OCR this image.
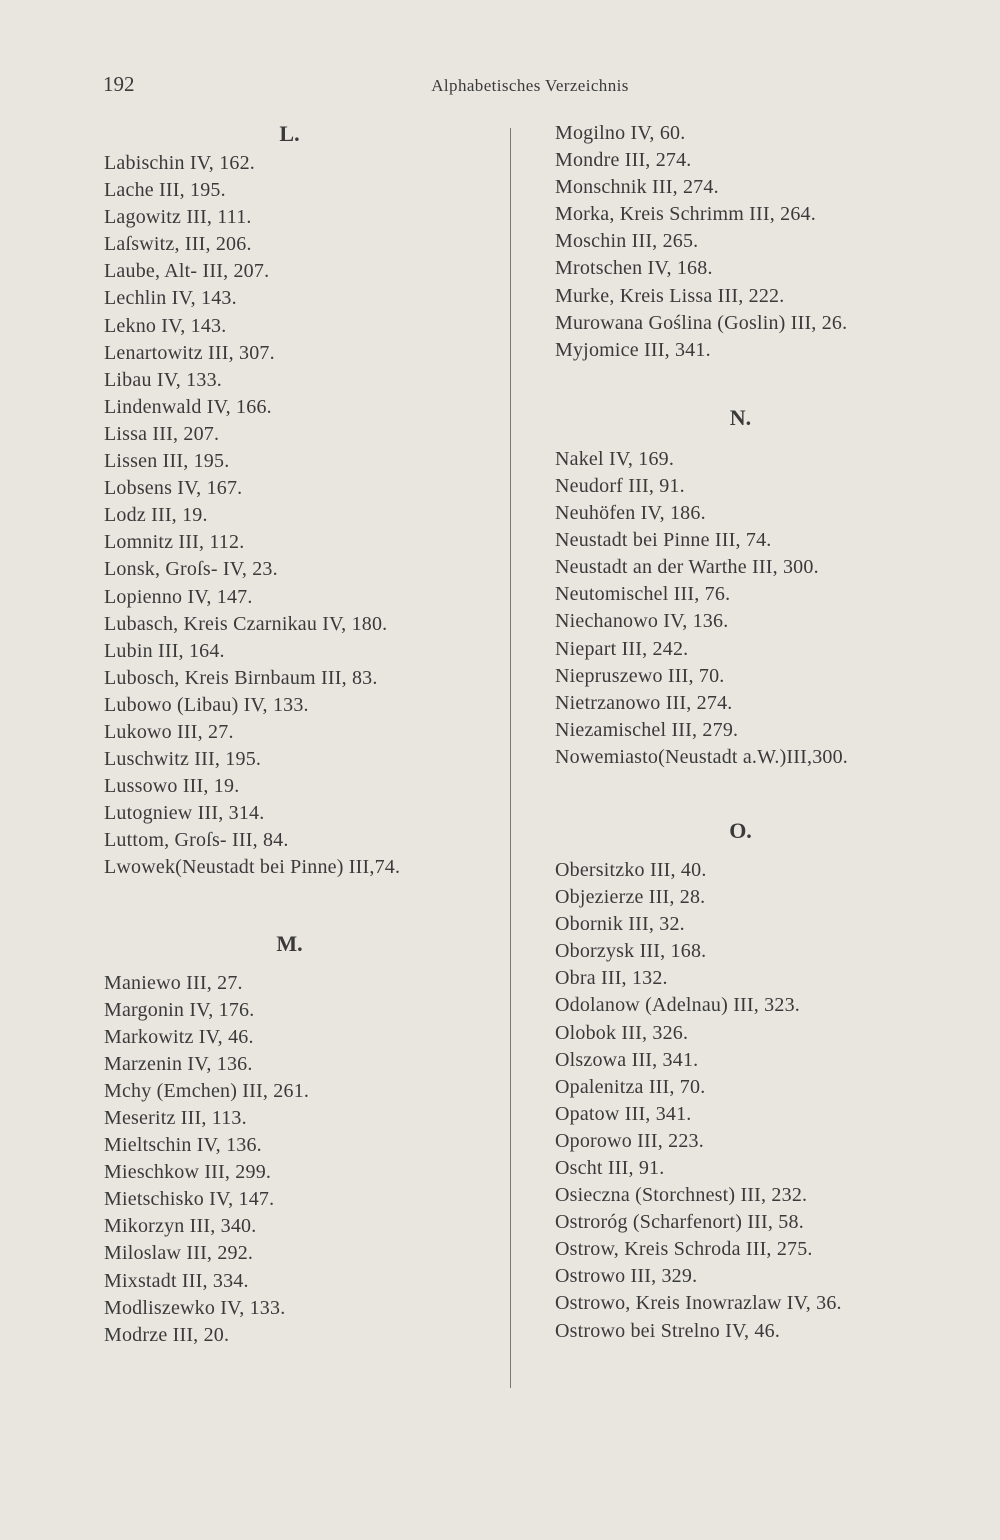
192	Alphabetisches Verzeichnis

L.
Labischin IV, 162.
Lache III, 195.
Lagowitz III, 111.
Laſswitz, III, 206.
Laube, Alt- III, 207.
Lechlin IV, 143.
Lekno IV, 143.
Lenartowitz III, 307.
Libau IV, 133.
Lindenwald IV, 166.
Lissa III, 207.
Lissen III, 195.
Lobsens IV, 167.
Lodz III, 19.
Lomnitz III, 112.
Lonsk, Groſs- IV, 23.
Lopienno IV, 147.
Lubasch, Kreis Czarnikau IV, 180.
Lubin III, 164.
Lubosch, Kreis Birnbaum III, 83.
Lubowo (Libau) IV, 133.
Lukowo III, 27.
Luschwitz III, 195.
Lussowo III, 19.
Lutogniew III, 314.
Luttom, Groſs- III, 84.
Lwowek(Neustadt bei Pinne) III,74.
M.
Maniewo III, 27.
Margonin IV, 176.
Markowitz IV, 46.
Marzenin IV, 136.
Mchy (Emchen) III, 261.
Meseritz III, 113.
Mieltschin IV, 136.
Mieschkow III, 299.
Mietschisko IV, 147.
Mikorzyn III, 340.
Miloslaw III, 292.
Mixstadt III, 334.
Modliszewko IV, 133.
Modrze III, 20.
Mogilno IV, 60.
Mondre III, 274.
Monschnik III, 274.
Morka, Kreis Schrimm III, 264.
Moschin III, 265.
Mrotschen IV, 168.
Murke, Kreis Lissa III, 222.
Murowana Goślina (Goslin) III, 26.
Myjomice III, 341.
N.
Nakel IV, 169.
Neudorf III, 91.
Neuhöfen IV, 186.
Neustadt bei Pinne III, 74.
Neustadt an der Warthe III, 300.
Neutomischel III, 76.
Niechanowo IV, 136.
Niepart III, 242.
Niepruszewo III, 70.
Nietrzanowo III, 274.
Niezamischel III, 279.
Nowemiasto(Neustadt a.W.)III,300.
O.
Obersitzko III, 40.
Objezierze III, 28.
Obornik III, 32.
Oborzysk III, 168.
Obra III, 132.
Odolanow (Adelnau) III, 323.
Olobok III, 326.
Olszowa III, 341.
Opalenitza III, 70.
Opatow III, 341.
Oporowo III, 223.
Oscht III, 91.
Osieczna (Storchnest) III, 232.
Ostroróg (Scharfenort) III, 58.
Ostrow, Kreis Schroda III, 275.
Ostrowo III, 329.
Ostrowo, Kreis Inowrazlaw IV, 36.
Ostrowo bei Strelno IV, 46.
